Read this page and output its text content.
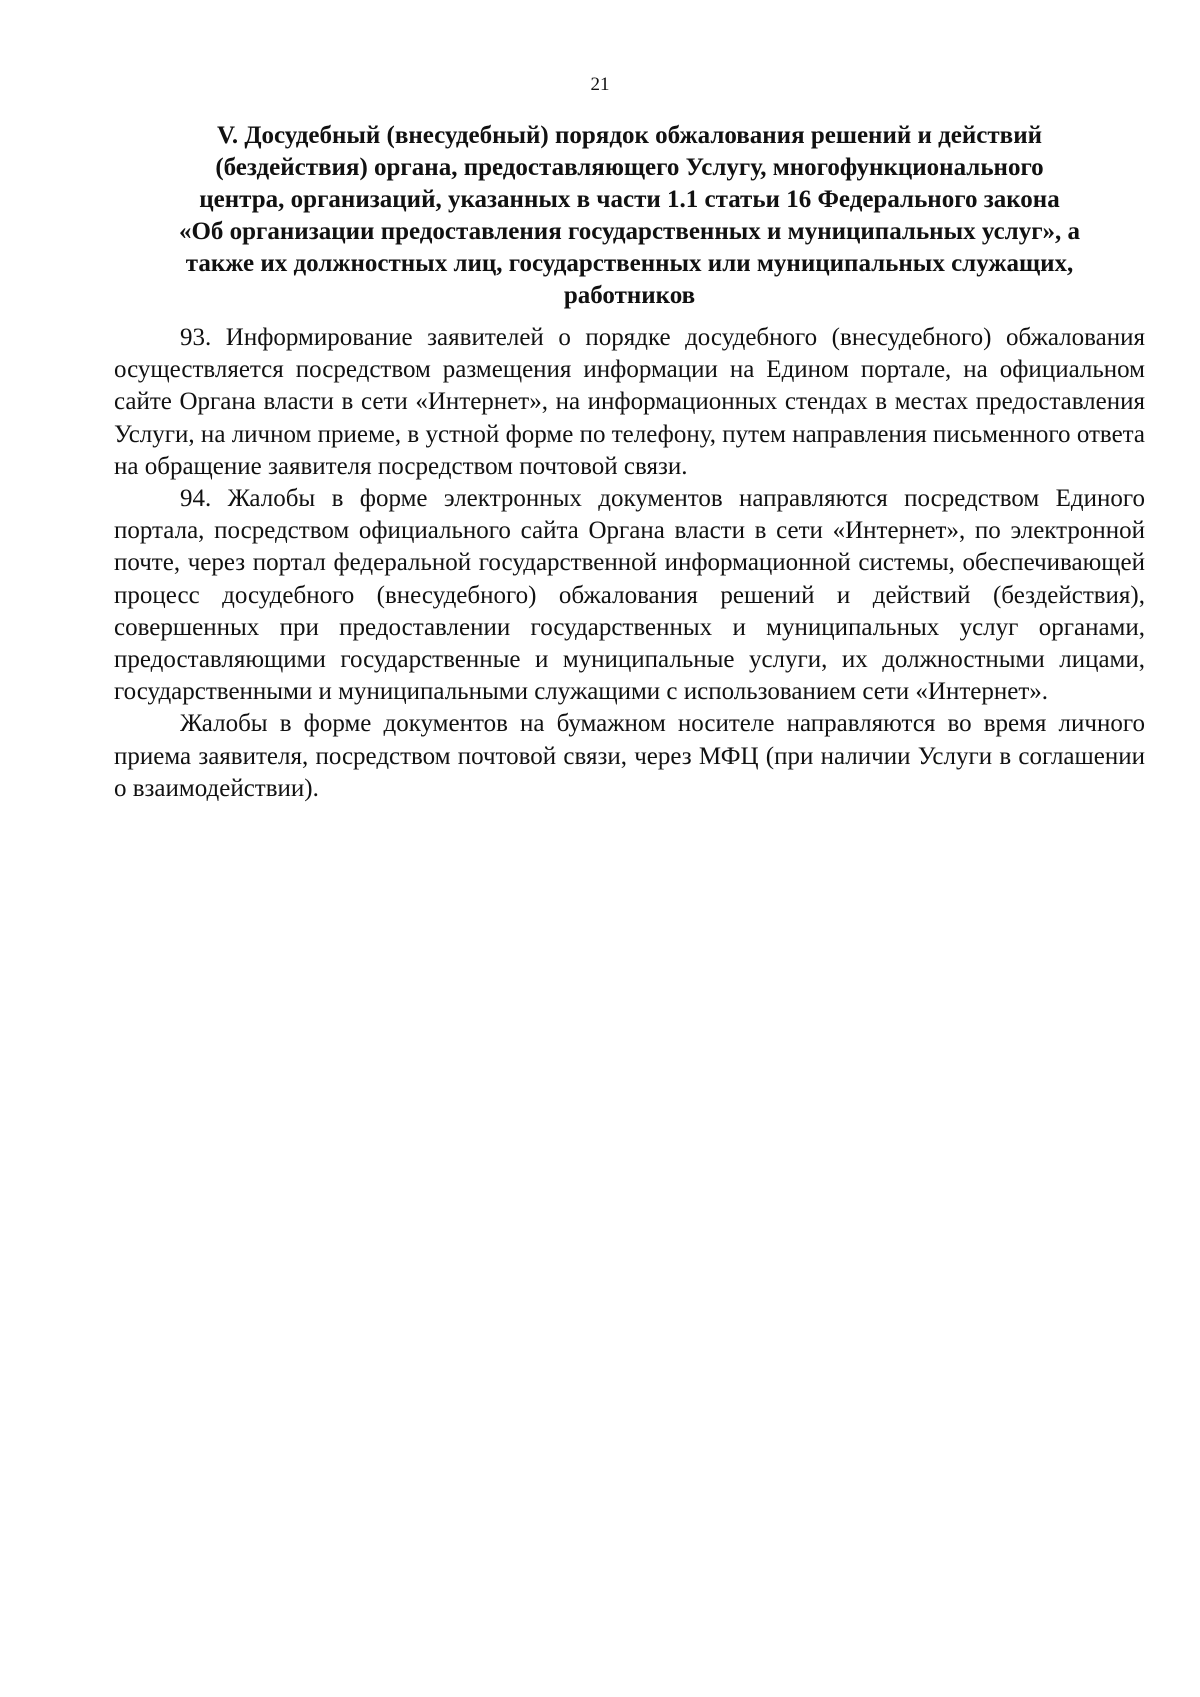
21
V. Досудебный (внесудебный) порядок обжалования решений и действий
(бездействия) органа, предоставляющего Услугу, многофункционального
центра, организаций, указанных в части 1.1 статьи 16 Федерального закона
«Об организации предоставления государственных и муниципальных услуг», а
также их должностных лиц, государственных или муниципальных служащих,
работников

93. Информирование заявителей о порядке досудебного (внесудебного) обжалования осуществляется посредством размещения информации на Едином портале, на официальном сайте Органа власти в сети «Интернет», на информационных стендах в местах предоставления Услуги, на личном приеме, в устной форме по телефону, путем направления письменного ответа на обращение заявителя посредством почтовой связи.

94. Жалобы в форме электронных документов направляются посредством Единого портала, посредством официального сайта Органа власти в сети «Интернет», по электронной почте, через портал федеральной государственной информационной системы, обеспечивающей процесс досудебного (внесудебного) обжалования решений и действий (бездействия), совершенных при предоставлении государственных и муниципальных услуг органами, предоставляющими государственные и муниципальные услуги, их должностными лицами, государственными и муниципальными служащими с использованием сети «Интернет».

Жалобы в форме документов на бумажном носителе направляются во время личного приема заявителя, посредством почтовой связи, через МФЦ (при наличии Услуги в соглашении о взаимодействии).
